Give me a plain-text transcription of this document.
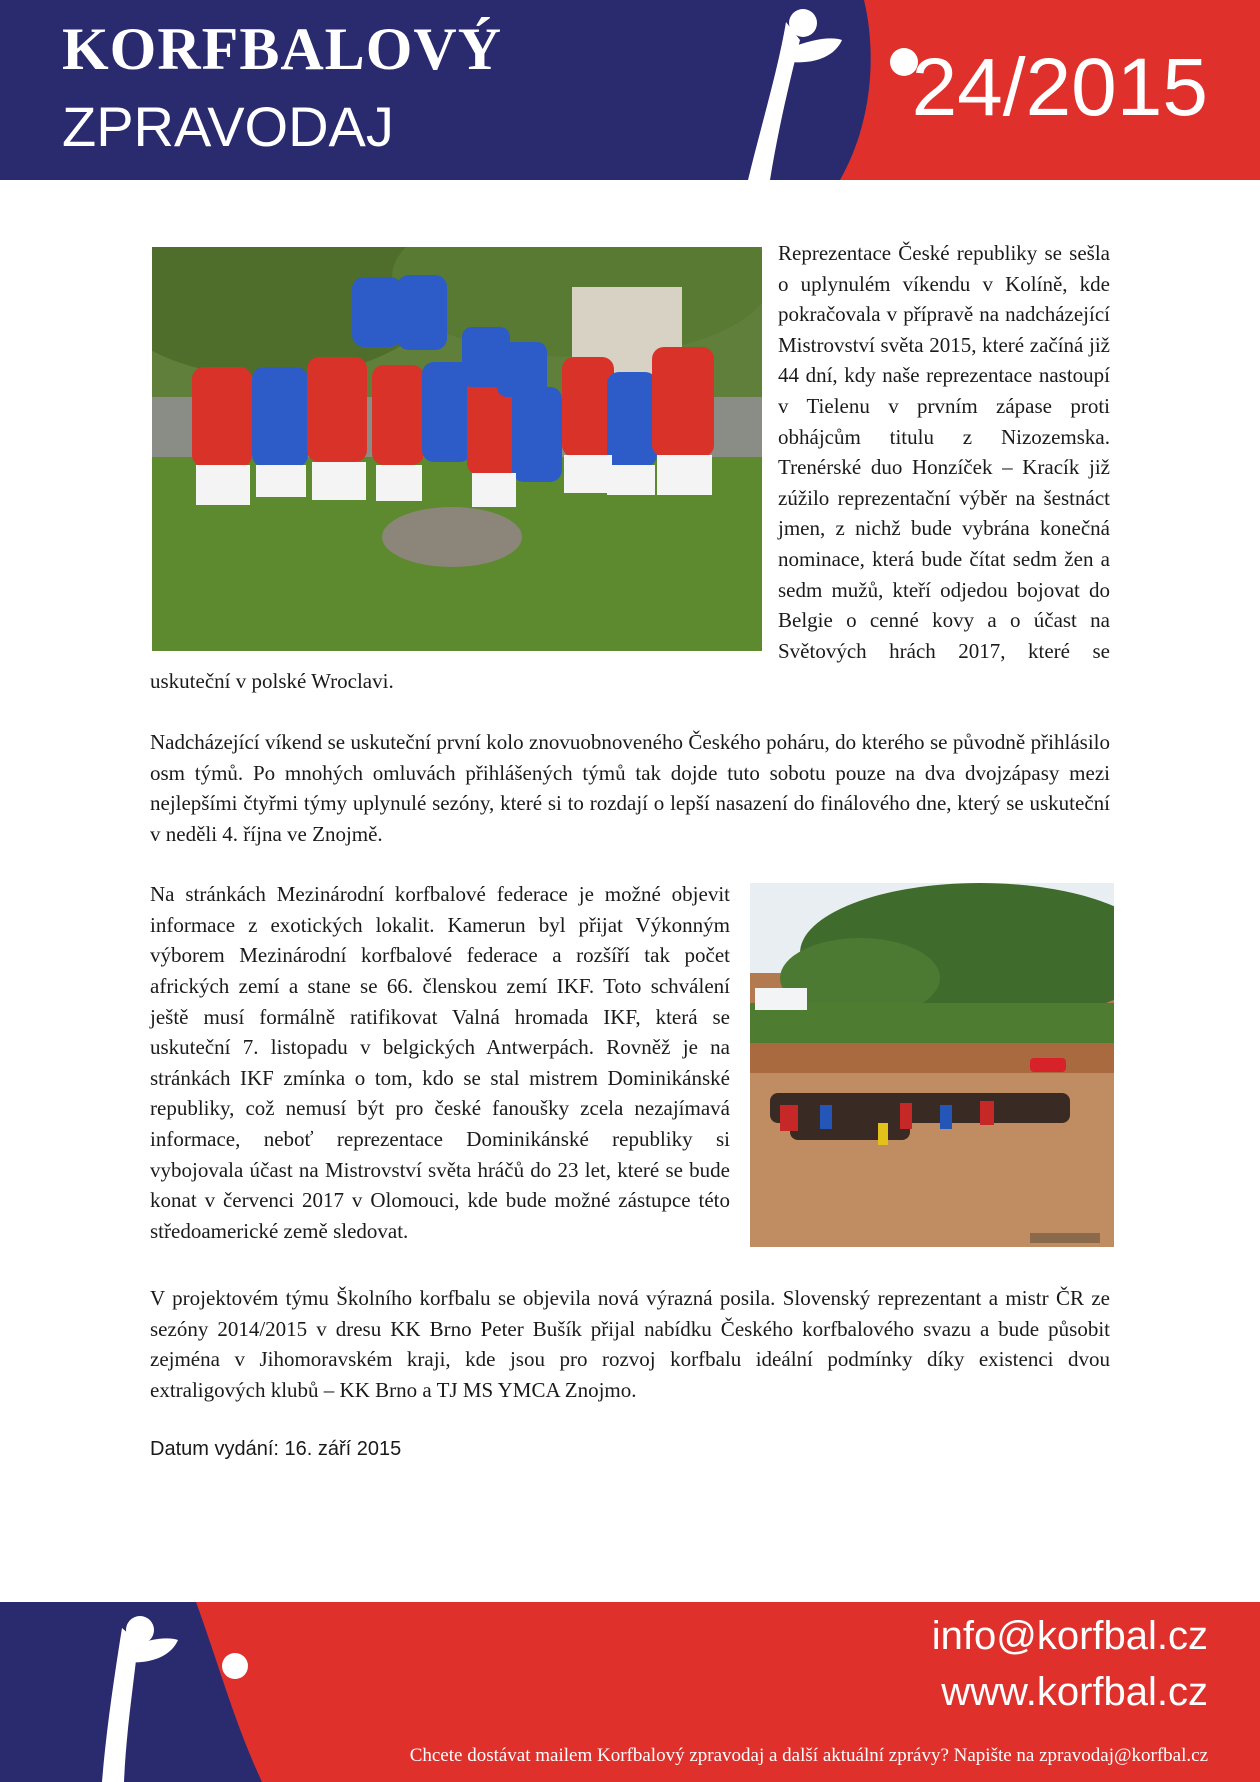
KORFBALOVÝ
ZPRAVODAJ	24/2015

Reprezentace České republiky se sešla o uplynulém víkendu v Kolíně, kde pokračovala v přípravě na nadcházející Mistrovství světa 2015, které začíná již 44 dní, kdy naše reprezentace nastoupí v Tielenu v prvním zápase proti obhájcům titulu z Nizozemska. Trenérské duo Honzíček – Kracík již zúžilo reprezentační výběr na šestnáct jmen, z nichž bude vybrána konečná nominace, která bude čítat sedm žen a sedm mužů, kteří odjedou bojovat do Belgie o cenné kovy a o účast na Světových hrách 2017, které se uskuteční v polské Wroclavi.

Nadcházející víkend se uskuteční první kolo znovuobnoveného Českého poháru, do kterého se původně přihlásilo osm týmů. Po mnohých omluvách přihlášených týmů tak dojde tuto sobotu pouze na dva dvojzápasy mezi nejlepšími čtyřmi týmy uplynulé sezóny, které si to rozdají o lepší nasazení do finálového dne, který se uskuteční v neděli 4. října ve Znojmě.

Na stránkách Mezinárodní korfbalové federace je možné objevit informace z exotických lokalit. Kamerun byl přijat Výkonným výborem Mezinárodní korfbalové federace a rozšíří tak počet afrických zemí a stane se 66. členskou zemí IKF. Toto schválení ještě musí formálně ratifikovat Valná hromada IKF, která se uskuteční 7. listopadu v belgických Antwerpách. Rovněž je na stránkách IKF zmínka o tom, kdo se stal mistrem Dominikánské republiky, což nemusí být pro české fanoušky zcela nezajímavá informace, neboť reprezentace Dominikánské republiky si vybojovala účast na Mistrovství světa hráčů do 23 let, které se bude konat v červenci 2017 v Olomouci, kde bude možné zástupce této středoamerické země sledovat.

V projektovém týmu Školního korfbalu se objevila nová výrazná posila. Slovenský reprezentant a mistr ČR ze sezóny 2014/2015 v dresu KK Brno Peter Bušík přijal nabídku Českého korfbalového svazu a bude působit zejména v Jihomoravském kraji, kde jsou pro rozvoj korfbalu ideální podmínky díky existenci dvou extraligových klubů – KK Brno a TJ MS YMCA Znojmo.

Datum vydání: 16. září 2015
info@korfbal.cz
www.korfbal.cz
Chcete dostávat mailem Korfbalový zpravodaj a další aktuální zprávy? Napište na zpravodaj@korfbal.cz
